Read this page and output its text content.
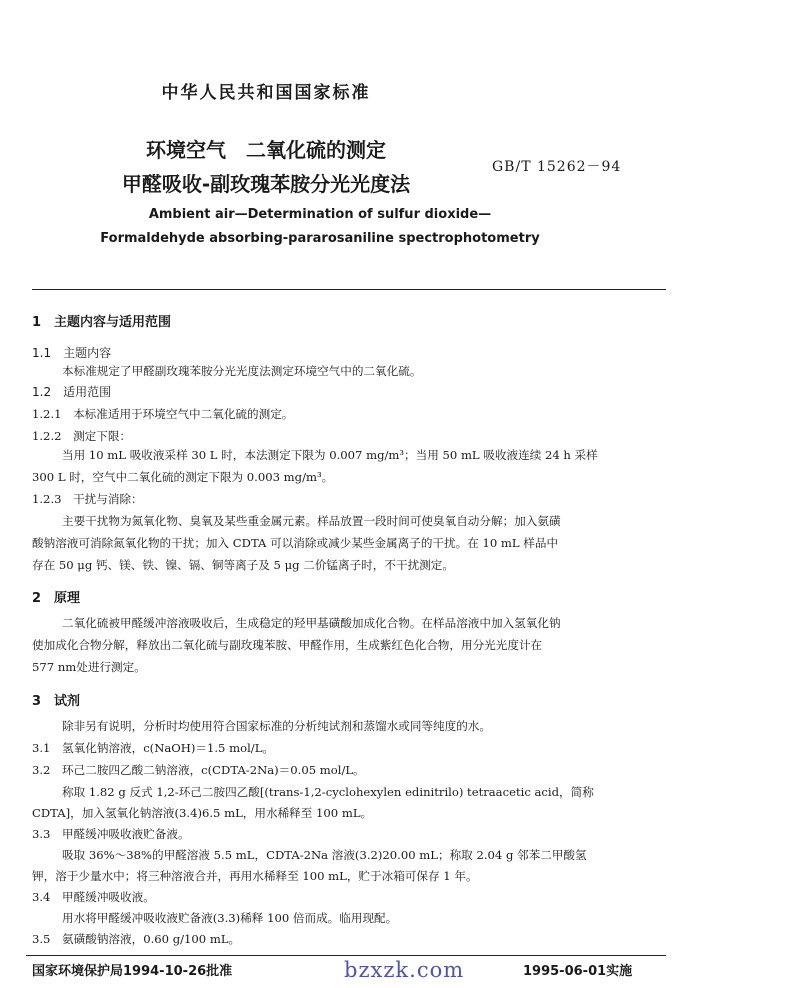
中华人民共和国国家标准
环境空气　二氧化硫的测定
甲醛吸收-副玫瑰苯胺分光光度法
GB/T 15262－94
Ambient air—Determination of sulfur dioxide—
Formaldehyde absorbing-pararosaniline spectrophotometry
1　主题内容与适用范围
1.1　主题内容
本标准规定了甲醛副玫瑰苯胺分光光度法测定环境空气中的二氧化硫。
1.2　适用范围
1.2.1　本标准适用于环境空气中二氧化硫的测定。
1.2.2　测定下限：
当用 10 mL 吸收液采样 30 L 时，本法测定下限为 0.007 mg/m³；当用 50 mL 吸收液连续 24 h 采样
300 L 时，空气中二氧化硫的测定下限为 0.003 mg/m³。
1.2.3　干扰与消除：
主要干扰物为氮氧化物、臭氧及某些重金属元素。样品放置一段时间可使臭氧自动分解；加入氨磺
酸钠溶液可消除氮氧化物的干扰；加入 CDTA 可以消除或减少某些金属离子的干扰。在 10 mL 样品中
存在 50 μg 钙、镁、铁、镍、镉、铜等离子及 5 μg 二价锰离子时，不干扰测定。
2　原理
二氧化硫被甲醛缓冲溶液吸收后，生成稳定的羟甲基磺酸加成化合物。在样品溶液中加入氢氧化钠
使加成化合物分解，释放出二氧化硫与副玫瑰苯胺、甲醛作用，生成紫红色化合物，用分光光度计在
577 nm处进行测定。
3　试剂
除非另有说明，分析时均使用符合国家标准的分析纯试剂和蒸馏水或同等纯度的水。
3.1　氢氧化钠溶液，c(NaOH)＝1.5 mol/L。
3.2　环己二胺四乙酸二钠溶液，c(CDTA-2Na)＝0.05 mol/L。
称取 1.82 g 反式 1,2-环己二胺四乙酸[(trans-1,2-cyclohexylen edinitrilo) tetraacetic acid，简称
CDTA]，加入氢氧化钠溶液(3.4)6.5 mL，用水稀释至 100 mL。
3.3　甲醛缓冲吸收液贮备液。
吸取 36%～38%的甲醛溶液 5.5 mL，CDTA-2Na 溶液(3.2)20.00 mL；称取 2.04 g 邻苯二甲酸氢
钾，溶于少量水中；将三种溶液合并，再用水稀释至 100 mL，贮于冰箱可保存 1 年。
3.4　甲醛缓冲吸收液。
用水将甲醛缓冲吸收液贮备液(3.3)稀释 100 倍而成。临用现配。
3.5　氨磺酸钠溶液，0.60 g/100 mL。
国家环境保护局1994-10-26批准	bzxzk.com	1995-06-01实施
